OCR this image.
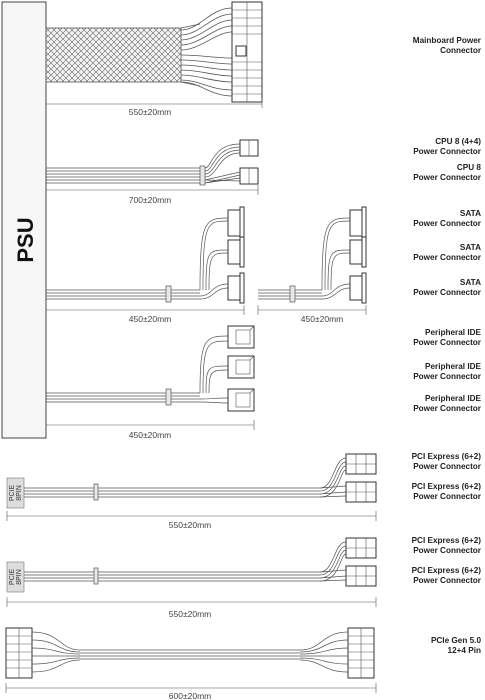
PSU
550±20mm
700±20mm
450±20mm	450±20mm
450±20mm
PCIE 8PIN
550±20mm
PCIE 8PIN
550±20mm
600±20mm
Mainboard Power
Connector
CPU 8 (4+4)
Power Connector
CPU 8
Power Connector
SATA
Power Connector
SATA
Power Connector
SATA
Power Connector
Peripheral IDE
Power Connector
Peripheral IDE
Power Connector
Peripheral IDE
Power Connector
PCI Express (6+2)
Power Connector
PCI Express (6+2)
Power Connector
PCI Express (6+2)
Power Connector
PCI Express (6+2)
Power Connector
PCIe Gen 5.0
12+4 Pin
